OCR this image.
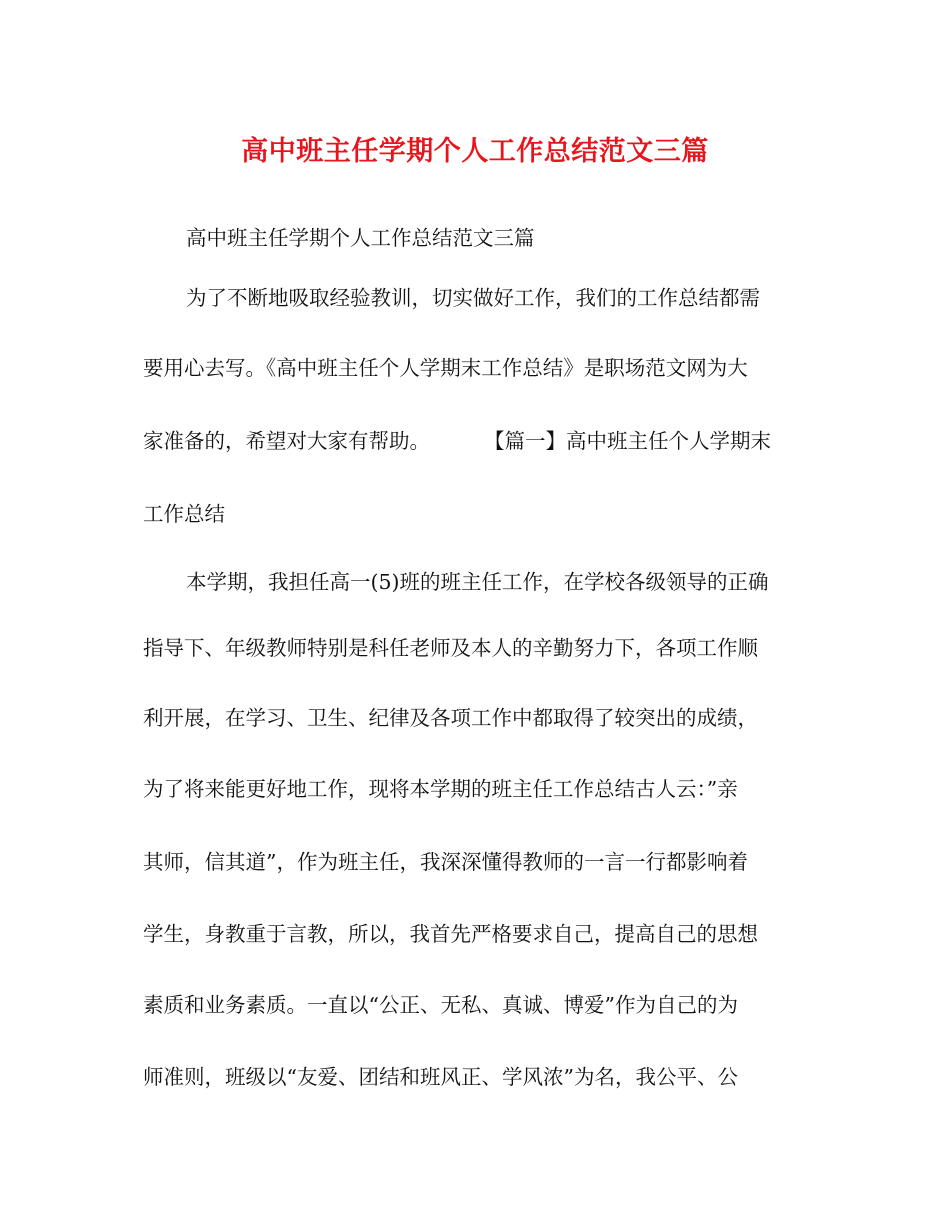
高中班主任学期个人工作总结范文三篇
高中班主任学期个人工作总结范文三篇
为了不断地吸取经验教训，切实做好工作，我们的工作总结都需
要用心去写。《高中班主任个人学期末工作总结》是职场范文网为大
家准备的，希望对大家有帮助。	【篇一】高中班主任个人学期末
工作总结
本学期，我担任高一(5)班的班主任工作，在学校各级领导的正确
指导下、年级教师特别是科任老师及本人的辛勤努力下，各项工作顺
利开展，在学习、卫生、纪律及各项工作中都取得了较突出的成绩，
为了将来能更好地工作，现将本学期的班主任工作总结古人云：”亲
其师，信其道”，作为班主任，我深深懂得教师的一言一行都影响着
学生，身教重于言教，所以，我首先严格要求自己，提高自己的思想
素质和业务素质。一直以“公正、无私、真诚、博爱”作为自己的为
师准则，班级以“友爱、团结和班风正、学风浓”为名，我公平、公
